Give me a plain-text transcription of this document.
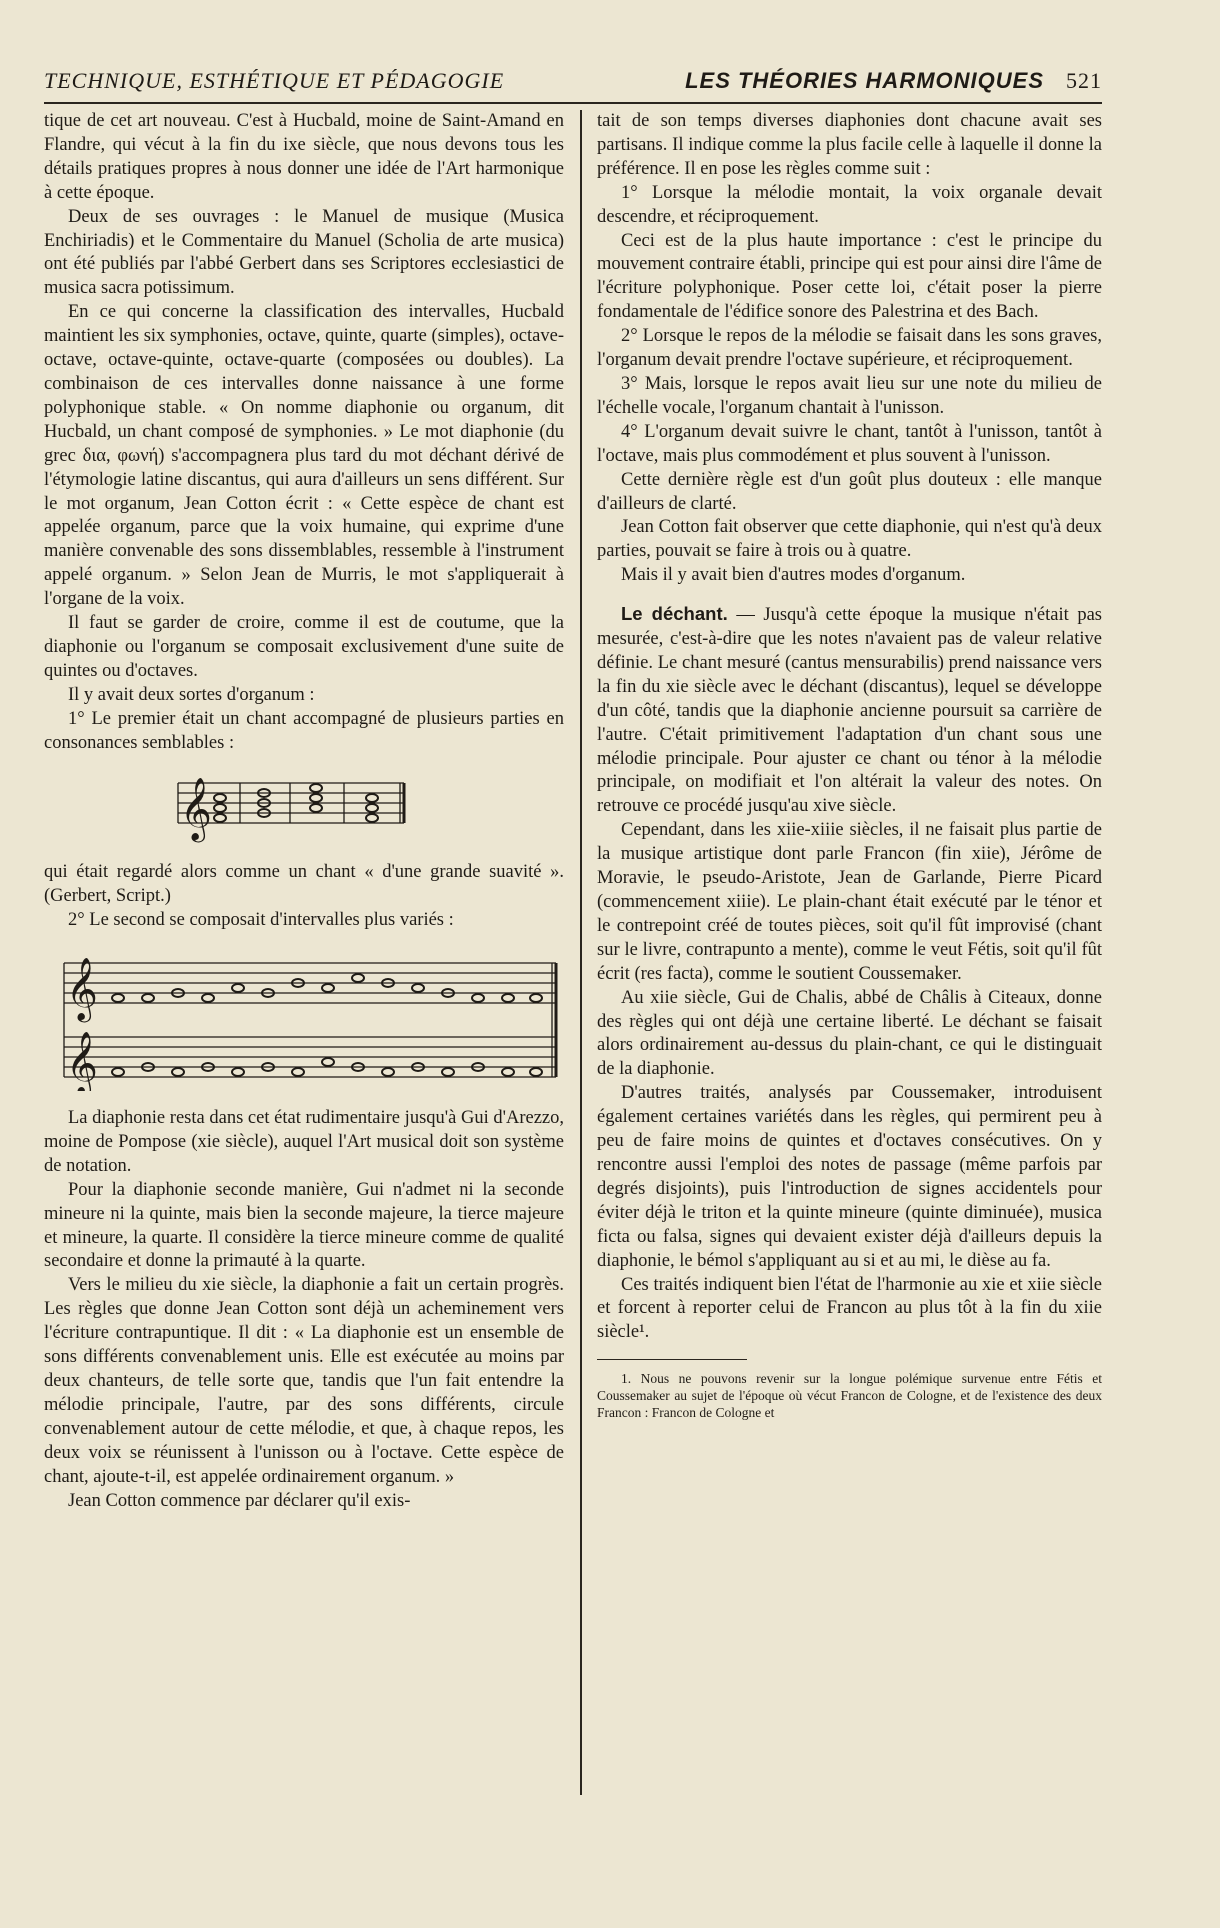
TECHNIQUE, ESTHÉTIQUE ET PÉDAGOGIE	LES THÉORIES HARMONIQUES 521

tique de cet art nouveau. C'est à Hucbald, moine de Saint-Amand en Flandre, qui vécut à la fin du ixe siècle, que nous devons tous les détails pratiques propres à nous donner une idée de l'Art harmonique à cette époque.

Deux de ses ouvrages : le Manuel de musique (Musica Enchiriadis) et le Commentaire du Manuel (Scholia de arte musica) ont été publiés par l'abbé Gerbert dans ses Scriptores ecclesiastici de musica sacra potissimum.

En ce qui concerne la classification des intervalles, Hucbald maintient les six symphonies, octave, quinte, quarte (simples), octave-octave, octave-quinte, octave-quarte (composées ou doubles). La combinaison de ces intervalles donne naissance à une forme polyphonique stable. « On nomme diaphonie ou organum, dit Hucbald, un chant composé de symphonies. » Le mot diaphonie (du grec δια, φωνή) s'accompagnera plus tard du mot déchant dérivé de l'étymologie latine discantus, qui aura d'ailleurs un sens différent. Sur le mot organum, Jean Cotton écrit : « Cette espèce de chant est appelée organum, parce que la voix humaine, qui exprime d'une manière convenable des sons dissemblables, ressemble à l'instrument appelé organum. » Selon Jean de Murris, le mot s'appliquerait à l'organe de la voix.

Il faut se garder de croire, comme il est de coutume, que la diaphonie ou l'organum se composait exclusivement d'une suite de quintes ou d'octaves.

Il y avait deux sortes d'organum :

1° Le premier était un chant accompagné de plusieurs parties en consonances semblables :

𝄞

qui était regardé alors comme un chant « d'une grande suavité ». (Gerbert, Script.)

2° Le second se composait d'intervalles plus variés :

𝄞
𝄞

La diaphonie resta dans cet état rudimentaire jusqu'à Gui d'Arezzo, moine de Pompose (xie siècle), auquel l'Art musical doit son système de notation.

Pour la diaphonie seconde manière, Gui n'admet ni la seconde mineure ni la quinte, mais bien la seconde majeure, la tierce majeure et mineure, la quarte. Il considère la tierce mineure comme de qualité secondaire et donne la primauté à la quarte.

Vers le milieu du xie siècle, la diaphonie a fait un certain progrès. Les règles que donne Jean Cotton sont déjà un acheminement vers l'écriture contrapuntique. Il dit : « La diaphonie est un ensemble de sons différents convenablement unis. Elle est exécutée au moins par deux chanteurs, de telle sorte que, tandis que l'un fait entendre la mélodie principale, l'autre, par des sons différents, circule convenablement autour de cette mélodie, et que, à chaque repos, les deux voix se réunissent à l'unisson ou à l'octave. Cette espèce de chant, ajoute-t-il, est appelée ordinairement organum. »

Jean Cotton commence par déclarer qu'il exis-

tait de son temps diverses diaphonies dont chacune avait ses partisans. Il indique comme la plus facile celle à laquelle il donne la préférence. Il en pose les règles comme suit :

1° Lorsque la mélodie montait, la voix organale devait descendre, et réciproquement.

Ceci est de la plus haute importance : c'est le principe du mouvement contraire établi, principe qui est pour ainsi dire l'âme de l'écriture polyphonique. Poser cette loi, c'était poser la pierre fondamentale de l'édifice sonore des Palestrina et des Bach.

2° Lorsque le repos de la mélodie se faisait dans les sons graves, l'organum devait prendre l'octave supérieure, et réciproquement.

3° Mais, lorsque le repos avait lieu sur une note du milieu de l'échelle vocale, l'organum chantait à l'unisson.

4° L'organum devait suivre le chant, tantôt à l'unisson, tantôt à l'octave, mais plus commodément et plus souvent à l'unisson.

Cette dernière règle est d'un goût plus douteux : elle manque d'ailleurs de clarté.

Jean Cotton fait observer que cette diaphonie, qui n'est qu'à deux parties, pouvait se faire à trois ou à quatre.

Mais il y avait bien d'autres modes d'organum.

Le déchant. — Jusqu'à cette époque la musique n'était pas mesurée, c'est-à-dire que les notes n'avaient pas de valeur relative définie. Le chant mesuré (cantus mensurabilis) prend naissance vers la fin du xie siècle avec le déchant (discantus), lequel se développe d'un côté, tandis que la diaphonie ancienne poursuit sa carrière de l'autre. C'était primitivement l'adaptation d'un chant sous une mélodie principale. Pour ajuster ce chant ou ténor à la mélodie principale, on modifiait et l'on altérait la valeur des notes. On retrouve ce procédé jusqu'au xive siècle.

Cependant, dans les xiie-xiiie siècles, il ne faisait plus partie de la musique artistique dont parle Francon (fin xiie), Jérôme de Moravie, le pseudo-Aristote, Jean de Garlande, Pierre Picard (commencement xiiie). Le plain-chant était exécuté par le ténor et le contrepoint créé de toutes pièces, soit qu'il fût improvisé (chant sur le livre, contrapunto a mente), comme le veut Fétis, soit qu'il fût écrit (res facta), comme le soutient Coussemaker.

Au xiie siècle, Gui de Chalis, abbé de Châlis à Citeaux, donne des règles qui ont déjà une certaine liberté. Le déchant se faisait alors ordinairement au-dessus du plain-chant, ce qui le distinguait de la diaphonie.

D'autres traités, analysés par Coussemaker, introduisent également certaines variétés dans les règles, qui permirent peu à peu de faire moins de quintes et d'octaves consécutives. On y rencontre aussi l'emploi des notes de passage (même parfois par degrés disjoints), puis l'introduction de signes accidentels pour éviter déjà le triton et la quinte mineure (quinte diminuée), musica ficta ou falsa, signes qui devaient exister déjà d'ailleurs depuis la diaphonie, le bémol s'appliquant au si et au mi, le dièse au fa.

Ces traités indiquent bien l'état de l'harmonie au xie et xiie siècle et forcent à reporter celui de Francon au plus tôt à la fin du xiie siècle¹.

1. Nous ne pouvons revenir sur la longue polémique survenue entre Fétis et Coussemaker au sujet de l'époque où vécut Francon de Cologne, et de l'existence des deux Francon : Francon de Cologne et
